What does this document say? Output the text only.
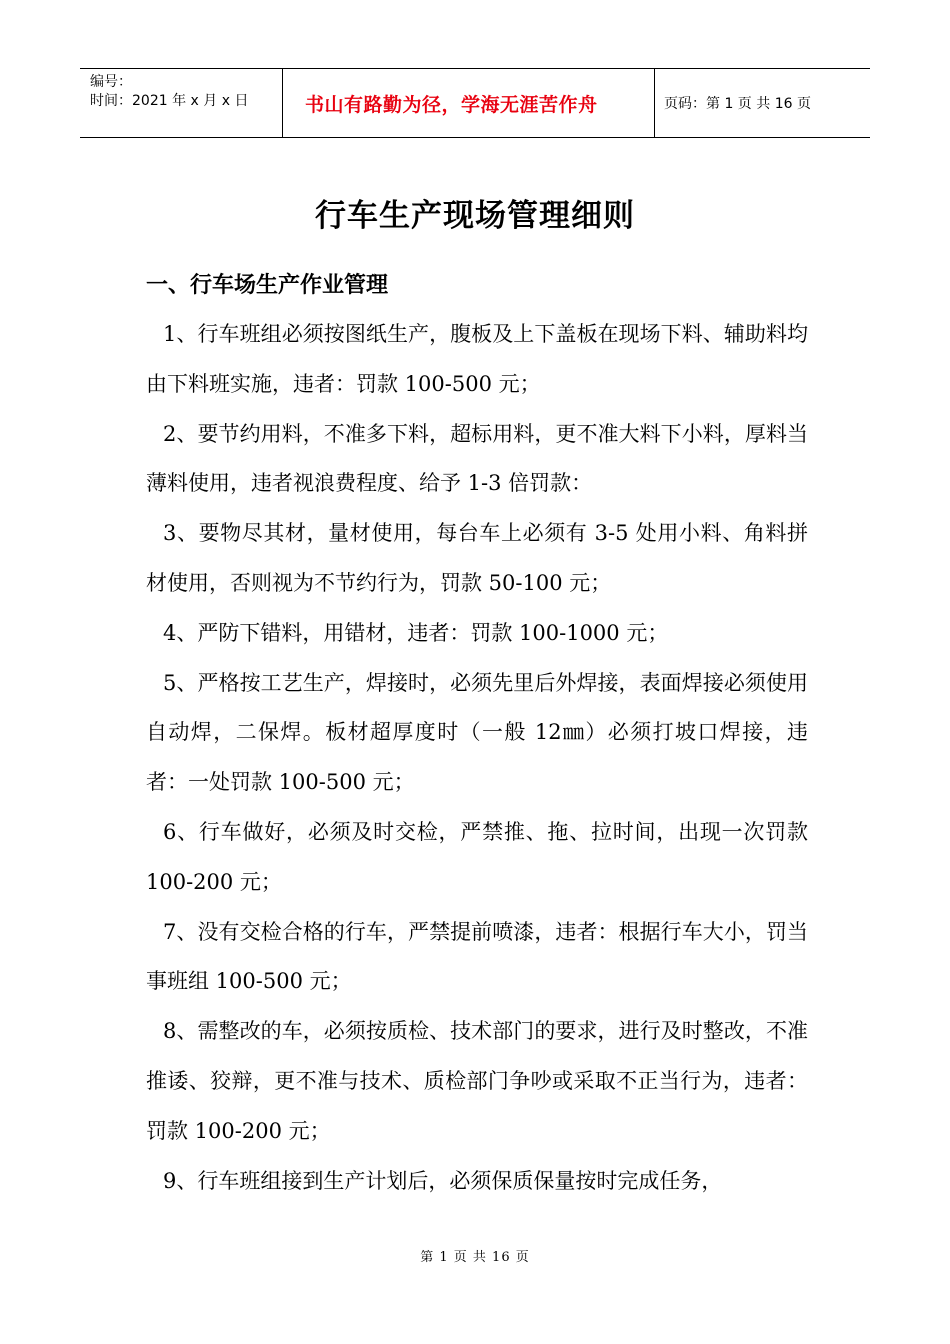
编号：
时间：2021 年 x 月 x 日	书山有路勤为径，学海无涯苦作舟	页码：第 1 页 共 16 页
行车生产现场管理细则
一、行车场生产作业管理

1、行车班组必须按图纸生产，腹板及上下盖板在现场下料、辅助料均由下料班实施，违者：罚款 100-500 元；

2、要节约用料，不准多下料，超标用料，更不准大料下小料，厚料当薄料使用，违者视浪费程度、给予 1-3 倍罚款：

3、要物尽其材，量材使用，每台车上必须有 3-5 处用小料、角料拼材使用，否则视为不节约行为，罚款 50-100 元；

4、严防下错料，用错材，违者：罚款 100-1000 元；

5、严格按工艺生产，焊接时，必须先里后外焊接，表面焊接必须使用自动焊，二保焊。板材超厚度时（一般 12㎜）必须打坡口焊接，违者：一处罚款 100-500 元；

6、行车做好，必须及时交检，严禁推、拖、拉时间，出现一次罚款 100-200 元；

7、没有交检合格的行车，严禁提前喷漆，违者：根据行车大小，罚当事班组 100-500 元；

8、需整改的车，必须按质检、技术部门的要求，进行及时整改，不准推诿、狡辩，更不准与技术、质检部门争吵或采取不正当行为，违者：罚款 100-200 元；

9、行车班组接到生产计划后，必须保质保量按时完成任务，

第 1 页 共 16 页
